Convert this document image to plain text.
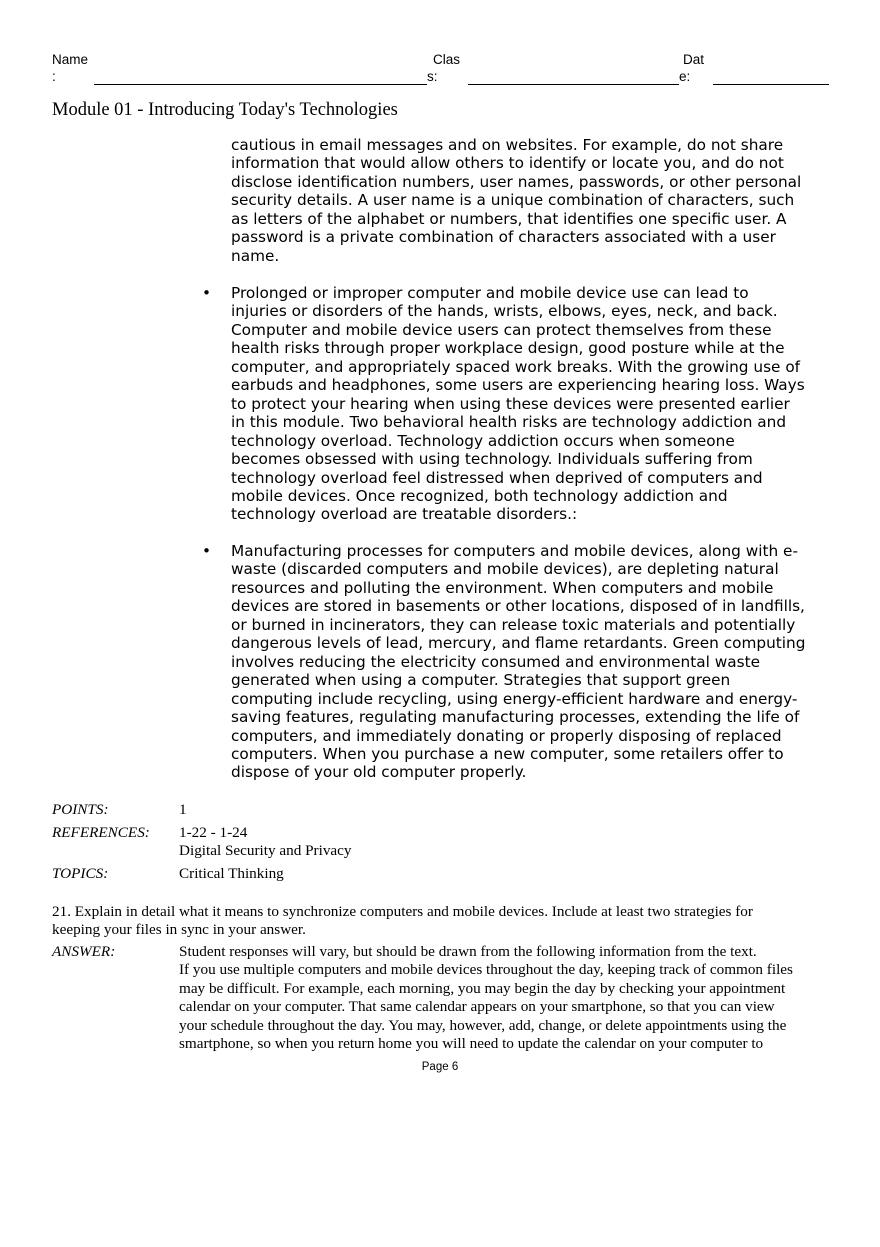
Name
:
Clas
s:
Dat
e:
Module 01 - Introducing Today's Technologies
cautious in email messages and on websites. For example, do not share
information that would allow others to identify or locate you, and do not
disclose identification numbers, user names, passwords, or other personal
security details. A user name is a unique combination of characters, such
as letters of the alphabet or numbers, that identifies one specific user. A
password is a private combination of characters associated with a user
name.
• Prolonged or improper computer and mobile device use can lead to
injuries or disorders of the hands, wrists, elbows, eyes, neck, and back.
Computer and mobile device users can protect themselves from these
health risks through proper workplace design, good posture while at the
computer, and appropriately spaced work breaks. With the growing use of
earbuds and headphones, some users are experiencing hearing loss. Ways
to protect your hearing when using these devices were presented earlier
in this module. Two behavioral health risks are technology addiction and
technology overload. Technology addiction occurs when someone
becomes obsessed with using technology. Individuals suffering from
technology overload feel distressed when deprived of computers and
mobile devices. Once recognized, both technology addiction and
technology overload are treatable disorders.:
• Manufacturing processes for computers and mobile devices, along with e-
waste (discarded computers and mobile devices), are depleting natural
resources and polluting the environment. When computers and mobile
devices are stored in basements or other locations, disposed of in landfills,
or burned in incinerators, they can release toxic materials and potentially
dangerous levels of lead, mercury, and flame retardants. Green computing
involves reducing the electricity consumed and environmental waste
generated when using a computer. Strategies that support green
computing include recycling, using energy-efficient hardware and energy-
saving features, regulating manufacturing processes, extending the life of
computers, and immediately donating or properly disposing of replaced
computers. When you purchase a new computer, some retailers offer to
dispose of your old computer properly.
POINTS:	1
REFERENCES: 1-22 - 1-24
Digital Security and Privacy
TOPICS:	Critical Thinking
21. Explain in detail what it means to synchronize computers and mobile devices. Include at least two strategies for
keeping your files in sync in your answer.
ANSWER:	Student responses will vary, but should be drawn from the following information from the text.
If you use multiple computers and mobile devices throughout the day, keeping track of common files
may be difficult. For example, each morning, you may begin the day by checking your appointment
calendar on your computer. That same calendar appears on your smartphone, so that you can view
your schedule throughout the day. You may, however, add, change, or delete appointments using the
smartphone, so when you return home you will need to update the calendar on your computer to
Page 6
